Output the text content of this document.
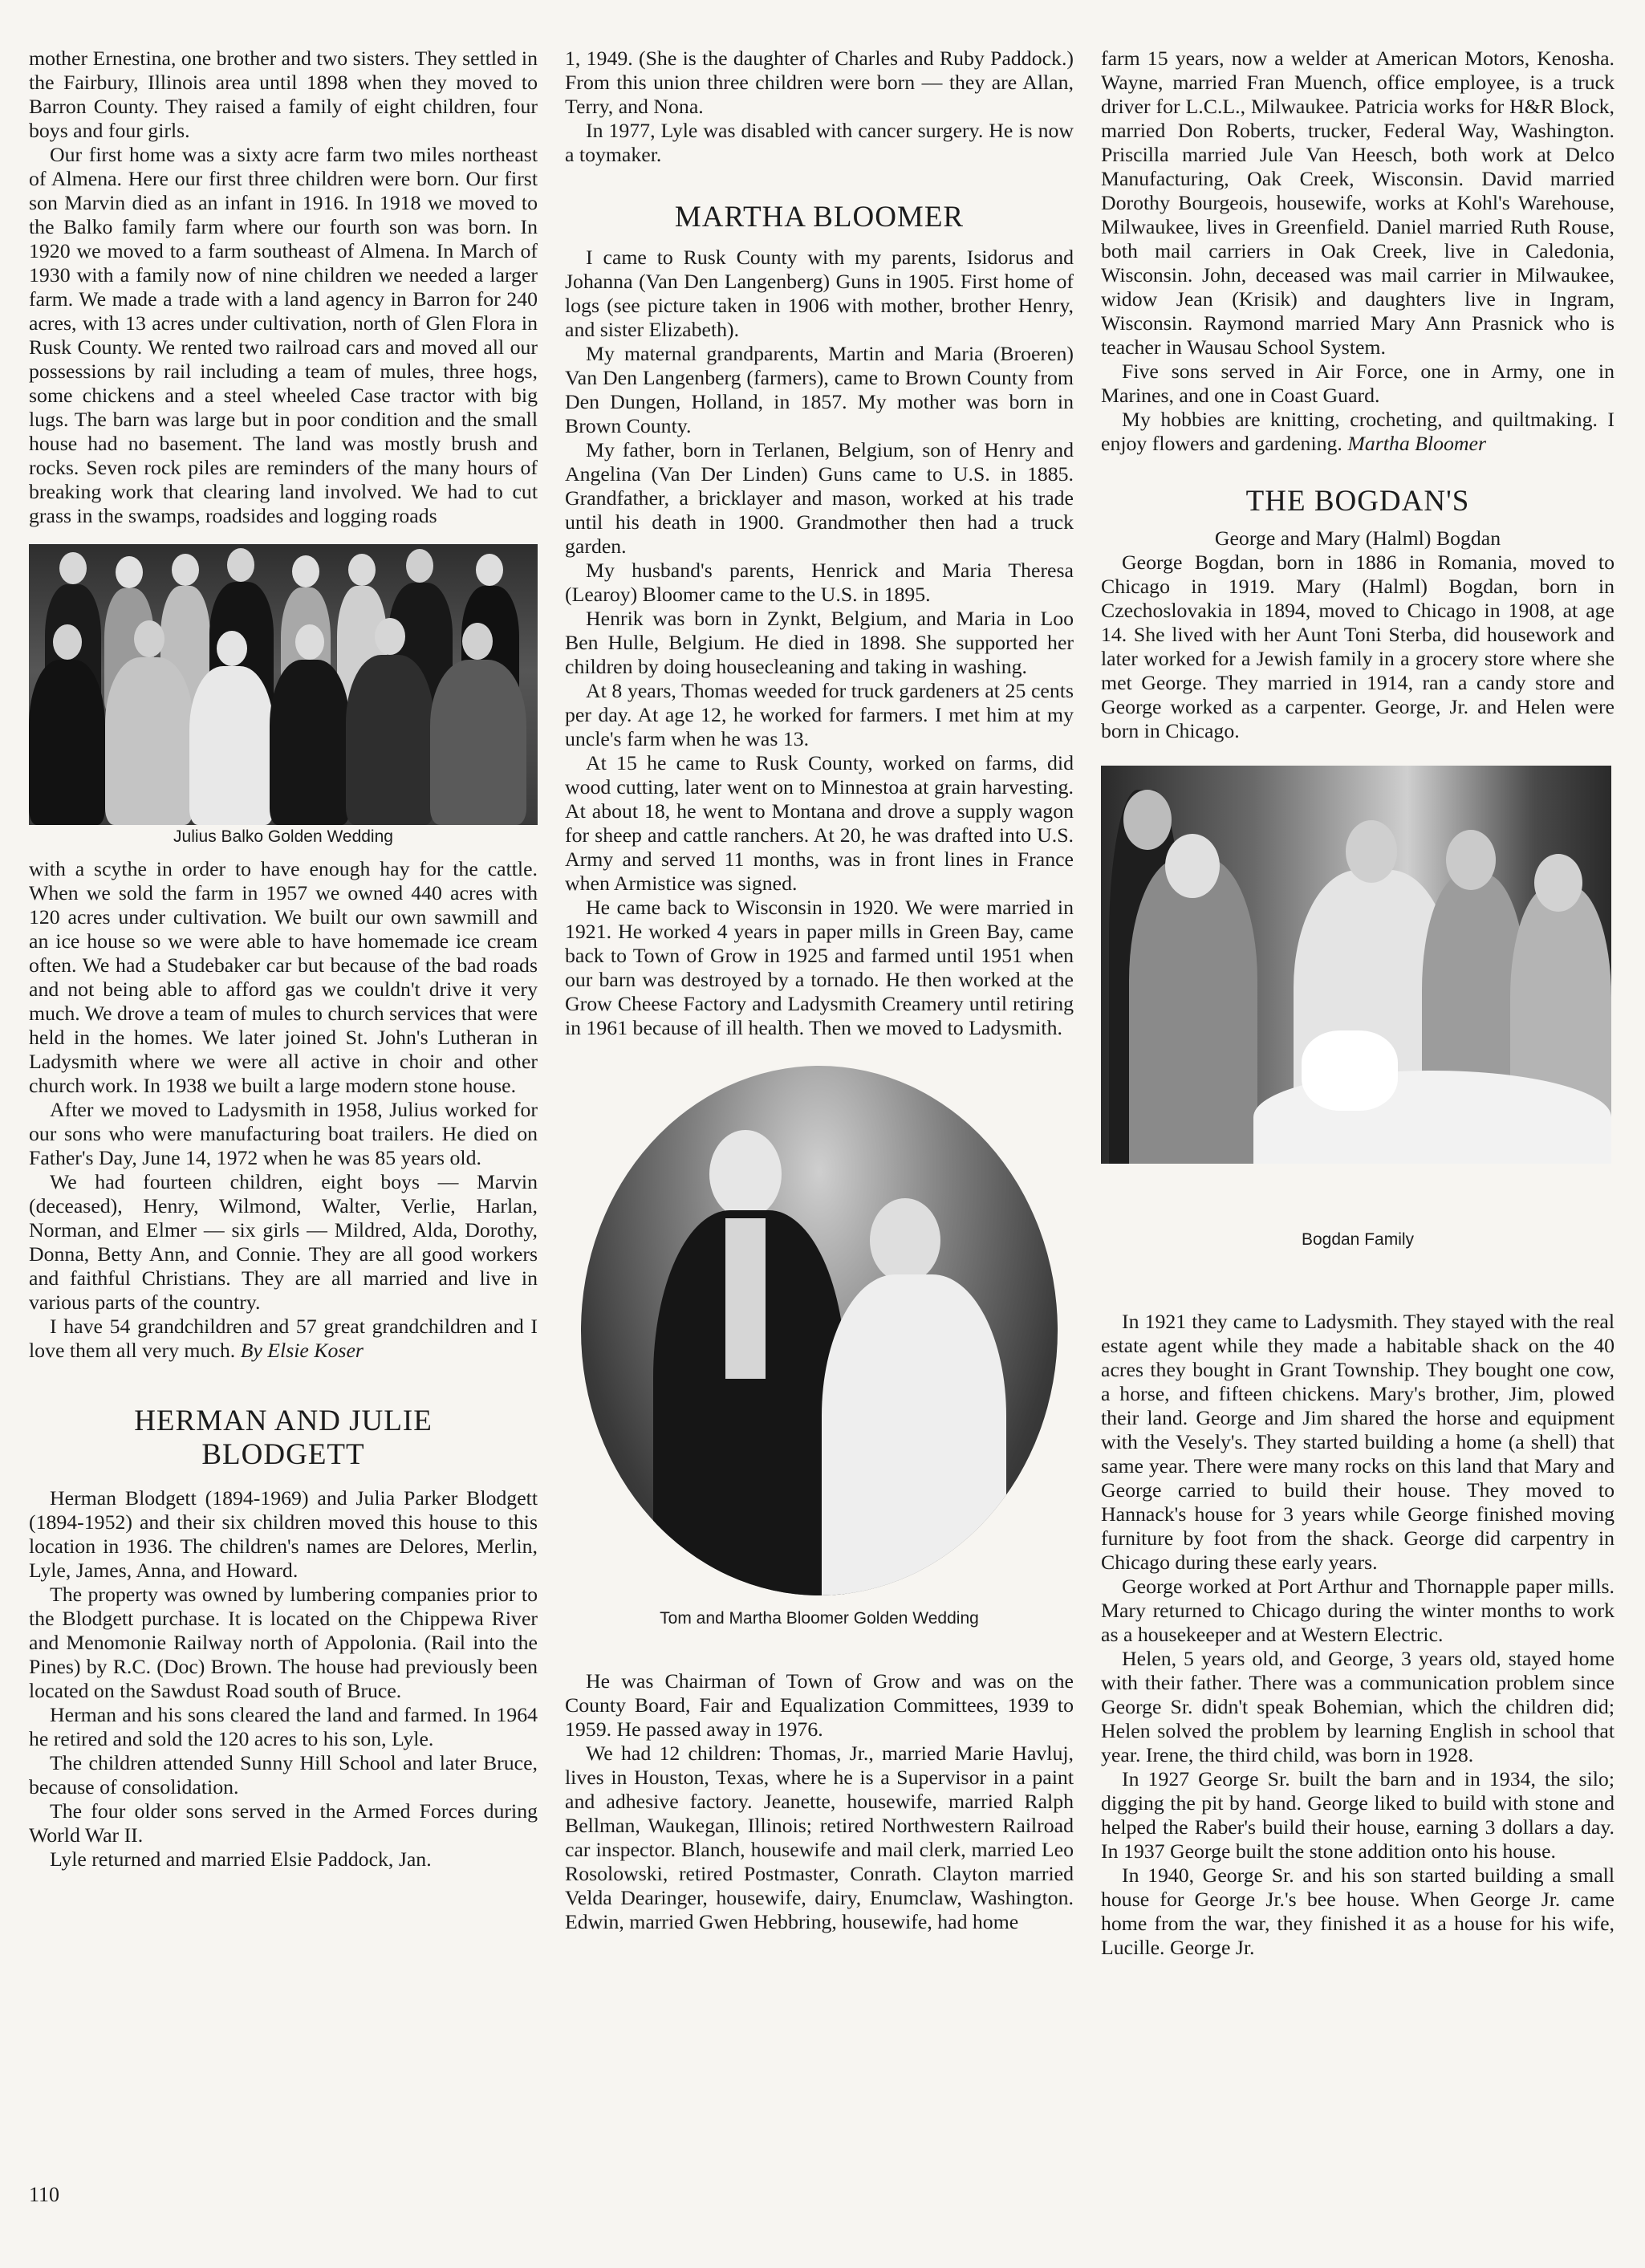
mother Ernestina, one brother and two sisters. They settled in the Fairbury, Illinois area until 1898 when they moved to Barron County. They raised a family of eight children, four boys and four girls.

Our first home was a sixty acre farm two miles northeast of Almena. Here our first three children were born. Our first son Marvin died as an infant in 1916. In 1918 we moved to the Balko family farm where our fourth son was born. In 1920 we moved to a farm southeast of Almena. In March of 1930 with a family now of nine children we needed a larger farm. We made a trade with a land agency in Barron for 240 acres, with 13 acres under cultivation, north of Glen Flora in Rusk County. We rented two railroad cars and moved all our possessions by rail including a team of mules, three hogs, some chickens and a steel wheeled Case tractor with big lugs. The barn was large but in poor condition and the small house had no basement. The land was mostly brush and rocks. Seven rock piles are reminders of the many hours of breaking work that clearing land involved. We had to cut grass in the swamps, roadsides and logging roads

Julius Balko Golden Wedding

with a scythe in order to have enough hay for the cattle. When we sold the farm in 1957 we owned 440 acres with 120 acres under cultivation. We built our own sawmill and an ice house so we were able to have homemade ice cream often. We had a Studebaker car but because of the bad roads and not being able to afford gas we couldn't drive it very much. We drove a team of mules to church services that were held in the homes. We later joined St. John's Lutheran in Ladysmith where we were all active in choir and other church work. In 1938 we built a large modern stone house.

After we moved to Ladysmith in 1958, Julius worked for our sons who were manufacturing boat trailers. He died on Father's Day, June 14, 1972 when he was 85 years old.

We had fourteen children, eight boys — Marvin (deceased), Henry, Wilmond, Walter, Verlie, Harlan, Norman, and Elmer — six girls — Mildred, Alda, Dorothy, Donna, Betty Ann, and Connie. They are all good workers and faithful Christians. They are all married and live in various parts of the country.

I have 54 grandchildren and 57 great grandchildren and I love them all very much. By Elsie Koser

HERMAN AND JULIE
BLODGETT

Herman Blodgett (1894-1969) and Julia Parker Blodgett (1894-1952) and their six children moved this house to this location in 1936. The children's names are Delores, Merlin, Lyle, James, Anna, and Howard.

The property was owned by lumbering companies prior to the Blodgett purchase. It is located on the Chippewa River and Menomonie Railway north of Appolonia. (Rail into the Pines) by R.C. (Doc) Brown. The house had previously been located on the Sawdust Road south of Bruce.

Herman and his sons cleared the land and farmed. In 1964 he retired and sold the 120 acres to his son, Lyle.

The children attended Sunny Hill School and later Bruce, because of consolidation.

The four older sons served in the Armed Forces during World War II.

Lyle returned and married Elsie Paddock, Jan.

1, 1949. (She is the daughter of Charles and Ruby Paddock.) From this union three children were born — they are Allan, Terry, and Nona.

In 1977, Lyle was disabled with cancer surgery. He is now a toymaker.

MARTHA BLOOMER

I came to Rusk County with my parents, Isidorus and Johanna (Van Den Langenberg) Guns in 1905. First home of logs (see picture taken in 1906 with mother, brother Henry, and sister Elizabeth).

My maternal grandparents, Martin and Maria (Broeren) Van Den Langenberg (farmers), came to Brown County from Den Dungen, Holland, in 1857. My mother was born in Brown County.

My father, born in Terlanen, Belgium, son of Henry and Angelina (Van Der Linden) Guns came to U.S. in 1885. Grandfather, a bricklayer and mason, worked at his trade until his death in 1900. Grandmother then had a truck garden.

My husband's parents, Henrick and Maria Theresa (Learoy) Bloomer came to the U.S. in 1895.

Henrik was born in Zynkt, Belgium, and Maria in Loo Ben Hulle, Belgium. He died in 1898. She supported her children by doing housecleaning and taking in washing.

At 8 years, Thomas weeded for truck gardeners at 25 cents per day. At age 12, he worked for farmers. I met him at my uncle's farm when he was 13.

At 15 he came to Rusk County, worked on farms, did wood cutting, later went on to Minnestoa at grain harvesting. At about 18, he went to Montana and drove a supply wagon for sheep and cattle ranchers. At 20, he was drafted into U.S. Army and served 11 months, was in front lines in France when Armistice was signed.

He came back to Wisconsin in 1920. We were married in 1921. He worked 4 years in paper mills in Green Bay, came back to Town of Grow in 1925 and farmed until 1951 when our barn was destroyed by a tornado. He then worked at the Grow Cheese Factory and Ladysmith Creamery until retiring in 1961 because of ill health. Then we moved to Ladysmith.

Tom and Martha Bloomer Golden Wedding

He was Chairman of Town of Grow and was on the County Board, Fair and Equalization Committees, 1939 to 1959. He passed away in 1976.

We had 12 children: Thomas, Jr., married Marie Havluj, lives in Houston, Texas, where he is a Supervisor in a paint and adhesive factory. Jeanette, housewife, married Ralph Bellman, Waukegan, Illinois; retired Northwestern Railroad car inspector. Blanch, housewife and mail clerk, married Leo Rosolowski, retired Postmaster, Conrath. Clayton married Velda Dearinger, housewife, dairy, Enumclaw, Washington. Edwin, married Gwen Hebbring, housewife, had home

farm 15 years, now a welder at American Motors, Kenosha. Wayne, married Fran Muench, office employee, is a truck driver for L.C.L., Milwaukee. Patricia works for H&R Block, married Don Roberts, trucker, Federal Way, Washington. Priscilla married Jule Van Heesch, both work at Delco Manufacturing, Oak Creek, Wisconsin. David married Dorothy Bourgeois, housewife, works at Kohl's Warehouse, Milwaukee, lives in Greenfield. Daniel married Ruth Rouse, both mail carriers in Oak Creek, live in Caledonia, Wisconsin. John, deceased was mail carrier in Milwaukee, widow Jean (Krisik) and daughters live in Ingram, Wisconsin. Raymond married Mary Ann Prasnick who is teacher in Wausau School System.

Five sons served in Air Force, one in Army, one in Marines, and one in Coast Guard.

My hobbies are knitting, crocheting, and quiltmaking. I enjoy flowers and gardening. Martha Bloomer

THE BOGDAN'S

George and Mary (Halml) Bogdan

George Bogdan, born in 1886 in Romania, moved to Chicago in 1919. Mary (Halml) Bogdan, born in Czechoslovakia in 1894, moved to Chicago in 1908, at age 14. She lived with her Aunt Toni Sterba, did housework and later worked for a Jewish family in a grocery store where she met George. They married in 1914, ran a candy store and George worked as a carpenter. George, Jr. and Helen were born in Chicago.

Bogdan Family

In 1921 they came to Ladysmith. They stayed with the real estate agent while they made a habitable shack on the 40 acres they bought in Grant Township. They bought one cow, a horse, and fifteen chickens. Mary's brother, Jim, plowed their land. George and Jim shared the horse and equipment with the Vesely's. They started building a home (a shell) that same year. There were many rocks on this land that Mary and George carried to build their house. They moved to Hannack's house for 3 years while George finished moving furniture by foot from the shack. George did carpentry in Chicago during these early years.

George worked at Port Arthur and Thornapple paper mills. Mary returned to Chicago during the winter months to work as a housekeeper and at Western Electric.

Helen, 5 years old, and George, 3 years old, stayed home with their father. There was a communication problem since George Sr. didn't speak Bohemian, which the children did; Helen solved the problem by learning English in school that year. Irene, the third child, was born in 1928.

In 1927 George Sr. built the barn and in 1934, the silo; digging the pit by hand. George liked to build with stone and helped the Raber's build their house, earning 3 dollars a day. In 1937 George built the stone addition onto his house.

In 1940, George Sr. and his son started building a small house for George Jr.'s bee house. When George Jr. came home from the war, they finished it as a house for his wife, Lucille. George Jr.

110
